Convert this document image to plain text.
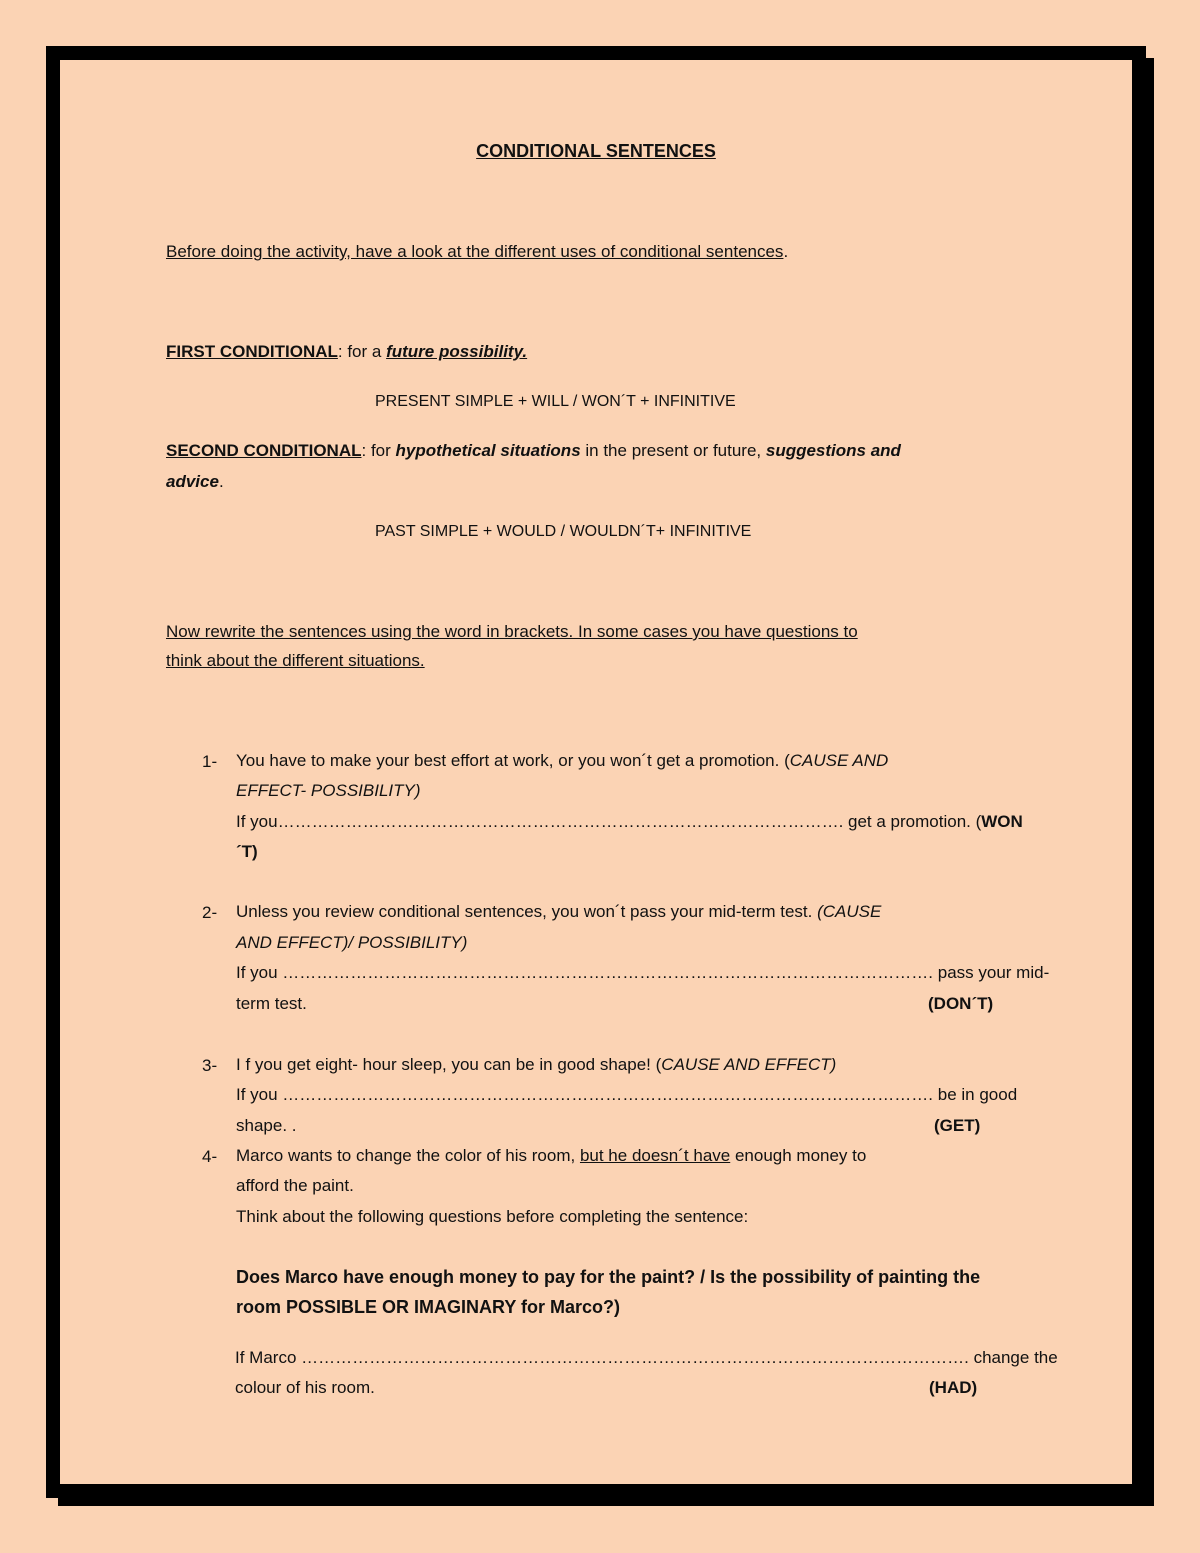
CONDITIONAL SENTENCES
Before doing the activity, have a look at the different uses of conditional sentences.
FIRST CONDITIONAL: for a future possibility.
PRESENT SIMPLE + WILL / WON´T + INFINITIVE
SECOND CONDITIONAL: for hypothetical situations in the present or future, suggestions and
advice.
PAST SIMPLE + WOULD / WOULDN´T+ INFINITIVE
Now rewrite the sentences using the word in brackets. In some cases you have questions to
think about the different situations.
1- You have to make your best effort at work, or you won´t get a promotion. (CAUSE AND
EFFECT- POSSIBILITY)
If you………………………………………………………………………………………. get a promotion. (WON
´T)
2- Unless you review conditional sentences, you won´t pass your mid-term test. (CAUSE
AND EFFECT)/ POSSIBILITY)
If you ……………………………………………………………………………………………………. pass your mid-
term test.	(DON´T)
3- I f you get eight- hour sleep, you can be in good shape! (CAUSE AND EFFECT)
If you ……………………………………………………………………………………………………. be in good
shape. .	(GET)
4- Marco wants to change the color of his room, but he doesn´t have enough money to
afford the paint.
Think about the following questions before completing the sentence:
Does Marco have enough money to pay for the paint? / Is the possibility of painting the
room POSSIBLE OR IMAGINARY for Marco?)
If Marco ………………………………………………………………………………………………………. change the
colour of his room.	(HAD)
